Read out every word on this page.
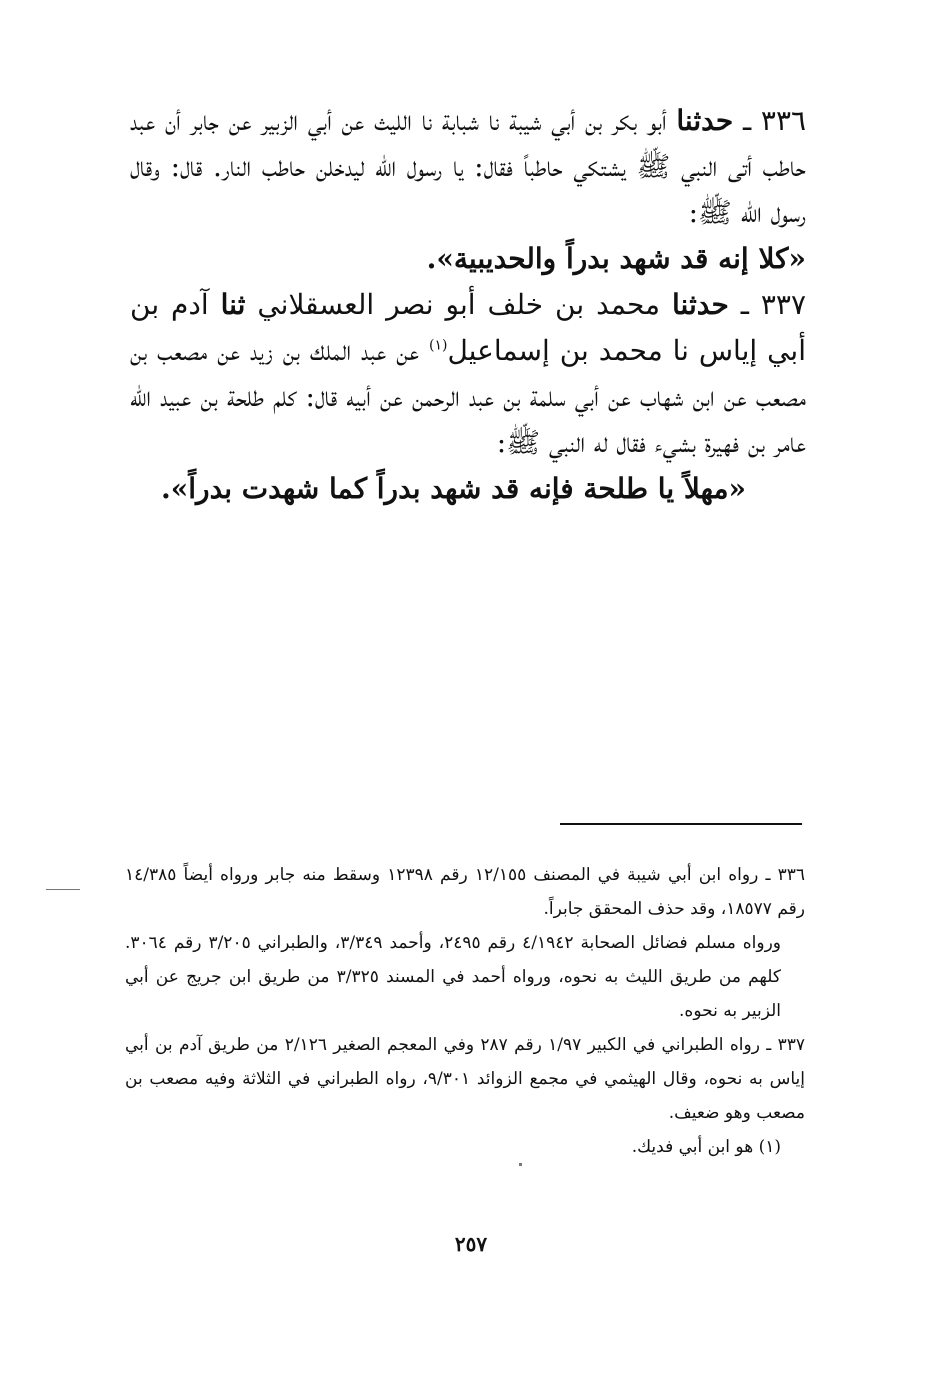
٣٣٦ ـ حدثنا أبو بكر بن أبي شيبة نا شبابة نا الليث عن أبي الزبير عن جابر أن عبد حاطب أتى النبي ﷺ يشتكي حاطباً فقال: يا رسول الله ليدخلن حاطب النار. قال: وقال رسول الله ﷺ:

«كلا إنه قد شهد بدراً والحديبية».

٣٣٧ ـ حدثنا محمد بن خلف أبو نصر العسقلاني ثنا آدم بن أبي إياس نا محمد بن إسماعيل$^{(١)}$ عن عبد الملك بن زيد عن مصعب بن مصعب عن ابن شهاب عن أبي سلمة بن عبد الرحمن عن أبيه قال: كلم طلحة بن عبيد الله عامر بن فهيرة بشيء فقال له النبي ﷺ:

«مهلاً يا طلحة فإنه قد شهد بدراً كما شهدت بدراً».

٣٣٦ ـ رواه ابن أبي شيبة في المصنف ١٢/١٥٥ رقم ١٢٣٩٨ وسقط منه جابر ورواه أيضاً ١٤/٣٨٥ رقم ١٨٥٧٧، وقد حذف المحقق جابراً.

ورواه مسلم فضائل الصحابة ٤/١٩٤٢ رقم ٢٤٩٥، وأحمد ٣/٣٤٩، والطبراني ٣/٢٠٥ رقم ٣٠٦٤. كلهم من طريق الليث به نحوه، ورواه أحمد في المسند ٣/٣٢٥ من طريق ابن جريج عن أبي الزبير به نحوه.

٣٣٧ ـ رواه الطبراني في الكبير ١/٩٧ رقم ٢٨٧ وفي المعجم الصغير ٢/١٢٦ من طريق آدم بن أبي إياس به نحوه، وقال الهيثمي في مجمع الزوائد ٩/٣٠١، رواه الطبراني في الثلاثة وفيه مصعب بن مصعب وهو ضعيف.

(١) هو ابن أبي فديك.

٢٥٧
